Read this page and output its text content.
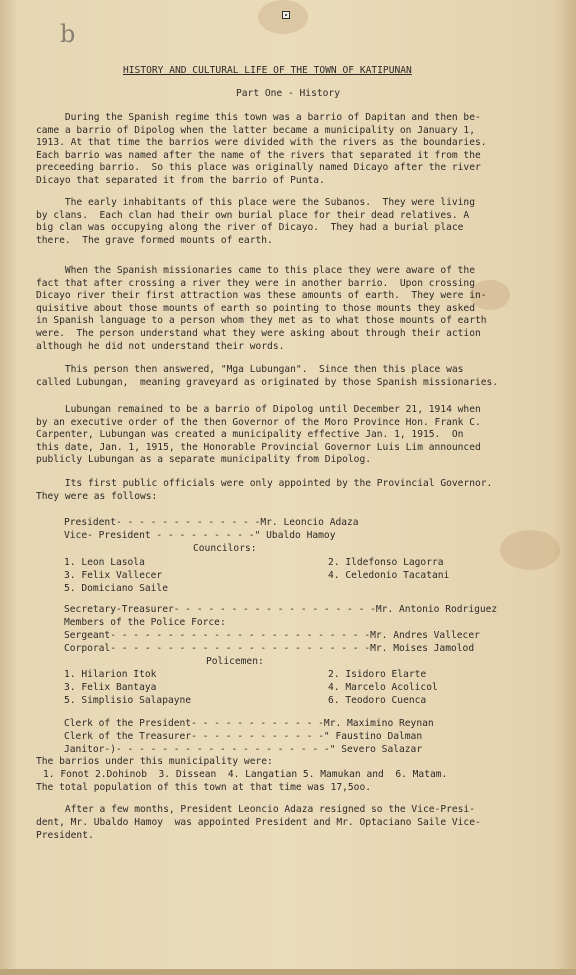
b
HISTORY AND CULTURAL LIFE OF THE TOWN OF KATIPUNAN
Part One - History
During the Spanish regime this town was a barrio of Dapitan and then be-
came a barrio of Dipolog when the latter became a municipality on January 1,
1913. At that time the barrios were divided with the rivers as the boundaries.
Each barrio was named after the name of the rivers that separated it from the
preceeding barrio.  So this place was originally named Dicayo after the river
Dicayo that separated it from the barrio of Punta.
The early inhabitants of this place were the Subanos.  They were living
by clans.  Each clan had their own burial place for their dead relatives. A
big clan was occupying along the river of Dicayo.  They had a burial place
there.  The grave formed mounts of earth.
When the Spanish missionaries came to this place they were aware of the
fact that after crossing a river they were in another barrio.  Upon crossing
Dicayo river their first attraction was these amounts of earth.  They were in-
quisitive about those mounts of earth so pointing to those mounts they asked
in Spanish language to a person whom they met as to what those mounts of earth
were.  The person understand what they were asking about through their action
although he did not understand their words.
This person then answered, "Mga Lubungan".  Since then this place was
called Lubungan,  meaning graveyard as originated by those Spanish missionaries.
Lubungan remained to be a barrio of Dipolog until December 21, 1914 when
by an executive order of the then Governor of the Moro Province Hon. Frank C.
Carpenter, Lubungan was created a municipality effective Jan. 1, 1915.  On
this date, Jan. 1, 1915, the Honorable Provincial Governor Luis Lim announced
publicly Lubungan as a separate municipality from Dipolog.
Its first public officials were only appointed by the Provincial Governor.
They were as follows:
President- - - - - - - - - - - - -Mr. Leoncio Adaza
Vice- President - - - - - - - - -" Ubaldo Hamoy
Councilors:
1. Leon Lasola
3. Felix Vallecer
5. Domiciano Saile
2. Ildefonso Lagorra
4. Celedonio Tacatani
Secretary-Treasurer- - - - - - - - - - - - - - - - - -Mr. Antonio Rodriguez
Members of the Police Force:
Sergeant- - - - - - - - - - - - - - - - - - - - - - -Mr. Andres Vallecer
Corporal- - - - - - - - - - - - - - - - - - - - - - -Mr. Moises Jamolod
Policemen:
1. Hilarion Itok
3. Felix Bantaya
5. Simplisio Salapayne
2. Isidoro Elarte
4. Marcelo Acolicol
6. Teodoro Cuenca
Clerk of the President- - - - - - - - - - - -Mr. Maximino Reynan
Clerk of the Treasurer- - - - - - - - - - - -" Faustino Dalman
Janitor-)- - - - - - - - - - - - - - - - - - -" Severo Salazar
The barrios under this municipality were:
1. Fonot 2.Dohinob  3. Dissean  4. Langatian 5. Mamukan and  6. Matam.
The total population of this town at that time was 17,5oo.
After a few months, President Leoncio Adaza resigned so the Vice-Presi-
dent, Mr. Ubaldo Hamoy  was appointed President and Mr. Optaciano Saile Vice-
President.
